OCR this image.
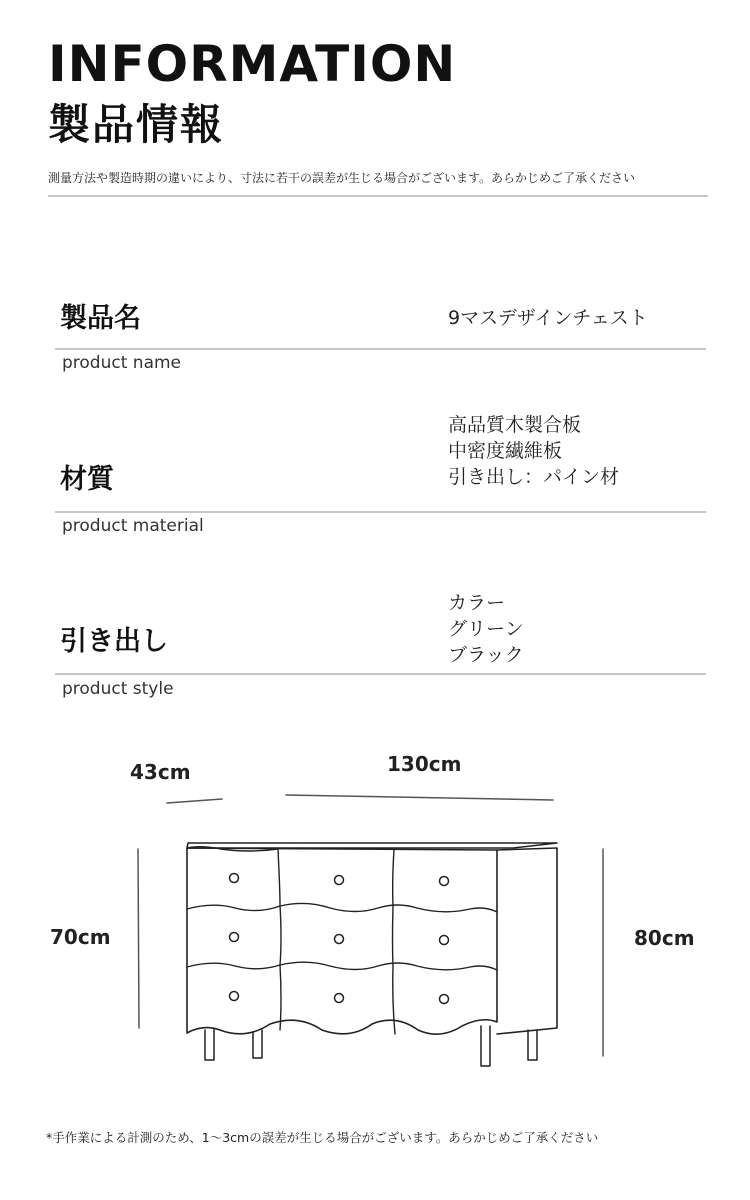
INFORMATION
製品情報
測量方法や製造時期の違いにより、寸法に若干の誤差が生じる場合がございます。あらかじめご了承ください
製品名	9マスデザインチェスト
product name
材質
高品質木製合板
中密度繊維板
引き出し：パイン材
product material
引き出し
カラー
グリーン
ブラック
product style
43cm	130cm
70cm	80cm
*手作業による計測のため、1～3cmの誤差が生じる場合がございます。あらかじめご了承ください
